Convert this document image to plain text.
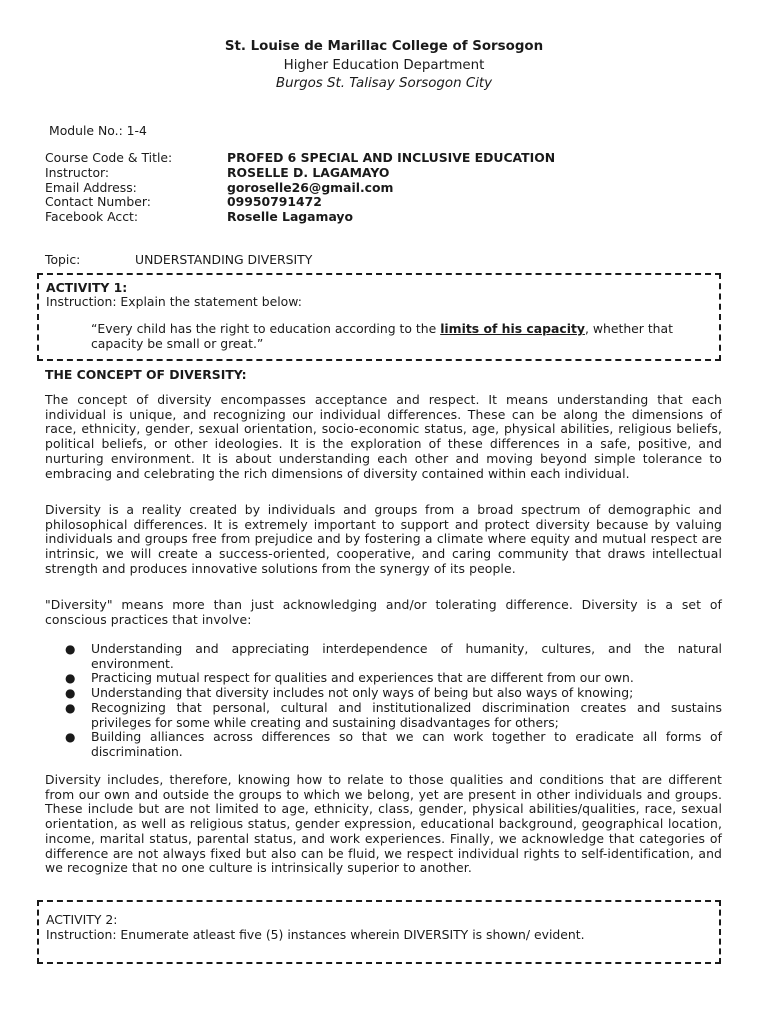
St. Louise de Marillac College of Sorsogon
Higher Education Department
Burgos St. Talisay Sorsogon City
Module No.: 1-4
Course Code & Title:	PROFED 6 SPECIAL AND INCLUSIVE EDUCATION
Instructor:	ROSELLE D. LAGAMAYO
Email Address:	goroselle26@gmail.com
Contact Number:	09950791472
Facebook Acct:	Roselle Lagamayo
Topic:	UNDERSTANDING DIVERSITY
ACTIVITY 1:
Instruction: Explain the statement below:
“Every child has the right to education according to the limits of his capacity, whether that capacity be small or great.”
THE CONCEPT OF DIVERSITY:
The concept of diversity encompasses acceptance and respect. It means understanding that each individual is unique, and recognizing our individual differences. These can be along the dimensions of race, ethnicity, gender, sexual orientation, socio-economic status, age, physical abilities, religious beliefs, political beliefs, or other ideologies. It is the exploration of these differences in a safe, positive, and nurturing environment. It is about understanding each other and moving beyond simple tolerance to embracing and celebrating the rich dimensions of diversity contained within each individual.
Diversity is a reality created by individuals and groups from a broad spectrum of demographic and philosophical differences. It is extremely important to support and protect diversity because by valuing individuals and groups free from prejudice and by fostering a climate where equity and mutual respect are intrinsic, we will create a success-oriented, cooperative, and caring community that draws intellectual strength and produces innovative solutions from the synergy of its people.
"Diversity" means more than just acknowledging and/or tolerating difference. Diversity is a set of conscious practices that involve:
● Understanding and appreciating interdependence of humanity, cultures, and the natural environment.
● Practicing mutual respect for qualities and experiences that are different from our own.
● Understanding that diversity includes not only ways of being but also ways of knowing;
● Recognizing that personal, cultural and institutionalized discrimination creates and sustains privileges for some while creating and sustaining disadvantages for others;
● Building alliances across differences so that we can work together to eradicate all forms of discrimination.
Diversity includes, therefore, knowing how to relate to those qualities and conditions that are different from our own and outside the groups to which we belong, yet are present in other individuals and groups. These include but are not limited to age, ethnicity, class, gender, physical abilities/qualities, race, sexual orientation, as well as religious status, gender expression, educational background, geographical location, income, marital status, parental status, and work experiences. Finally, we acknowledge that categories of difference are not always fixed but also can be fluid, we respect individual rights to self-identification, and we recognize that no one culture is intrinsically superior to another.
ACTIVITY 2:
Instruction: Enumerate atleast five (5) instances wherein DIVERSITY is shown/ evident.
